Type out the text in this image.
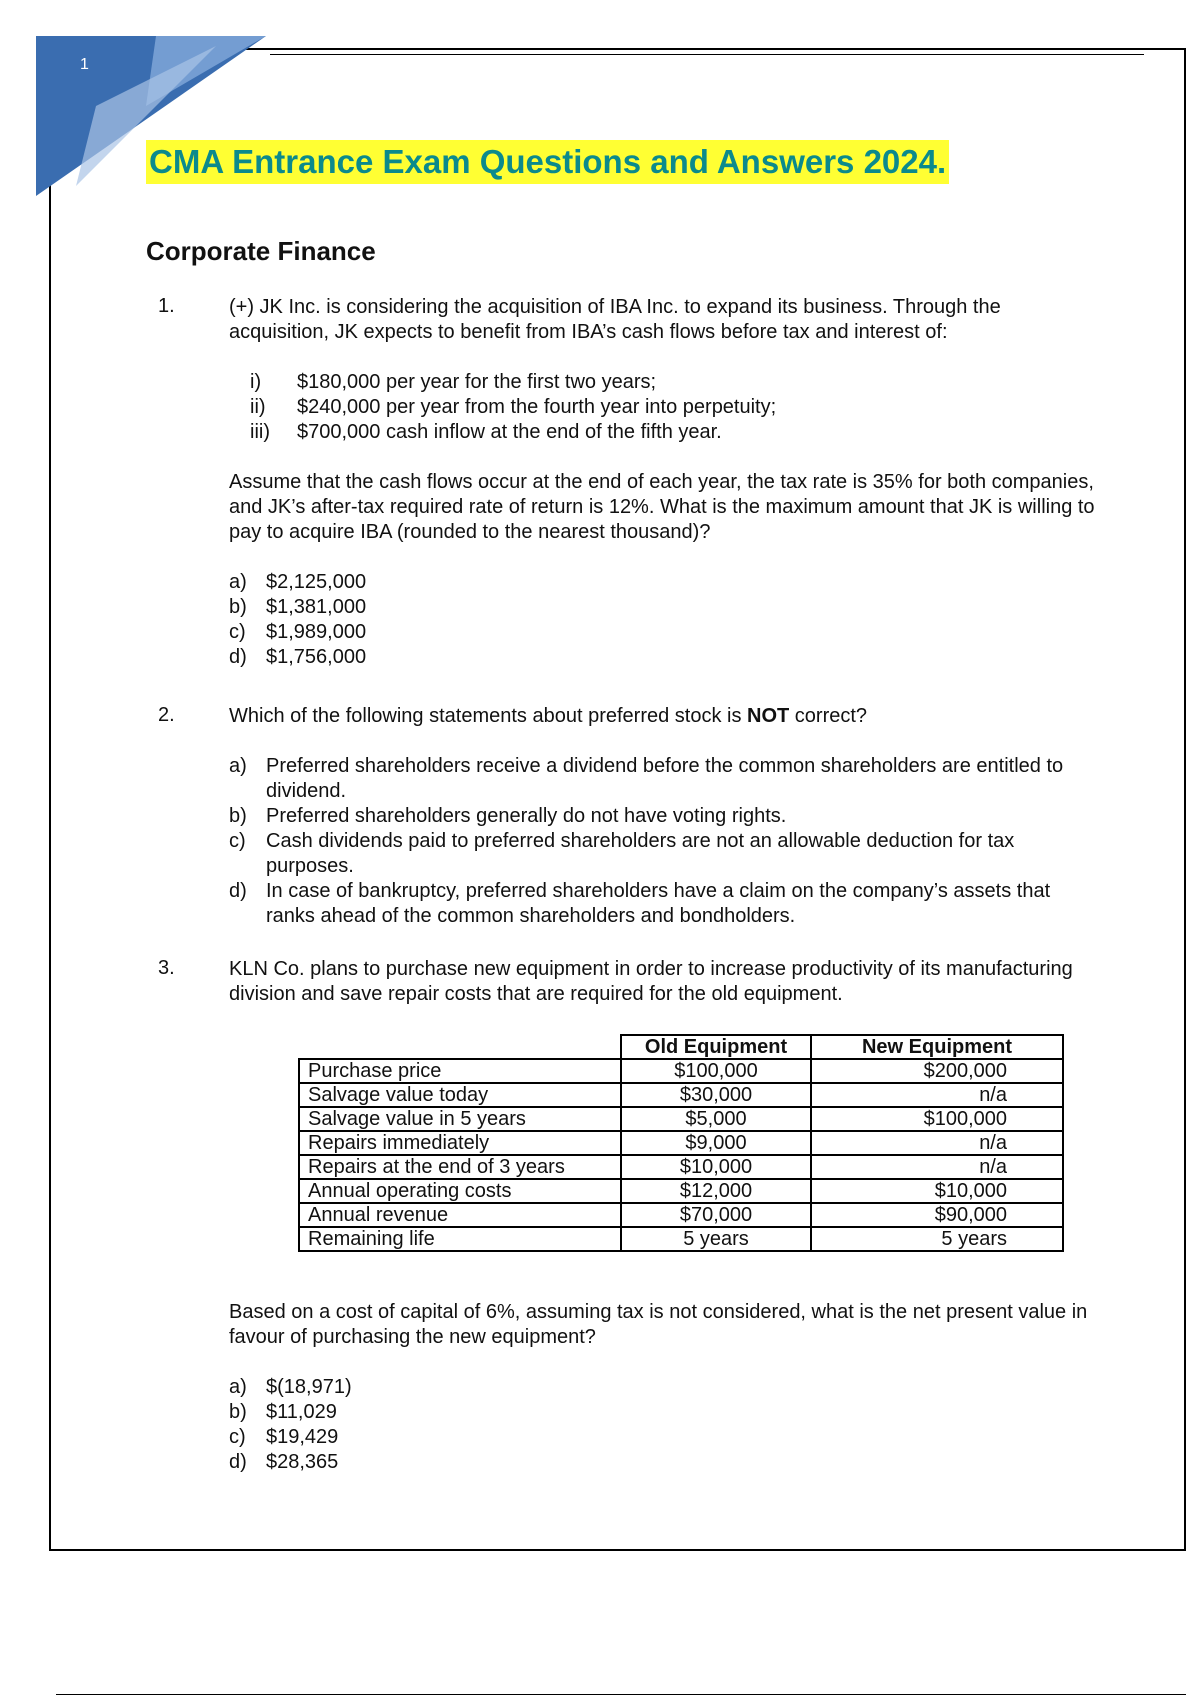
1
CMA Entrance Exam Questions and Answers 2024.
Corporate Finance
1.	(+) JK Inc. is considering the acquisition of IBA Inc. to expand its business. Through the acquisition, JK expects to benefit from IBA’s cash flows before tax and interest of:

i) $180,000 per year for the first two years;
ii) $240,000 per year from the fourth year into perpetuity;
iii) $700,000 cash inflow at the end of the fifth year.

Assume that the cash flows occur at the end of each year, the tax rate is 35% for both companies, and JK’s after-tax required rate of return is 12%. What is the maximum amount that JK is willing to pay to acquire IBA (rounded to the nearest thousand)?

a) $2,125,000
b) $1,381,000
c) $1,989,000
d) $1,756,000
2.	Which of the following statements about preferred stock is NOT correct?

a) Preferred shareholders receive a dividend before the common shareholders are entitled to dividend.
b) Preferred shareholders generally do not have voting rights.
c) Cash dividends paid to preferred shareholders are not an allowable deduction for tax purposes.
d) In case of bankruptcy, preferred shareholders have a claim on the company’s assets that ranks ahead of the common shareholders and bondholders.
3.	KLN Co. plans to purchase new equipment in order to increase productivity of its manufacturing division and save repair costs that are required for the old equipment.

	Old Equipment	New Equipment
Purchase price	$100,000	$200,000
Salvage value today	$30,000	n/a
Salvage value in 5 years	$5,000	$100,000
Repairs immediately	$9,000	n/a
Repairs at the end of 3 years	$10,000	n/a
Annual operating costs	$12,000	$10,000
Annual revenue	$70,000	$90,000
Remaining life	5 years	5 years

Based on a cost of capital of 6%, assuming tax is not considered, what is the net present value in favour of purchasing the new equipment?

a) $(18,971)
b) $11,029
c) $19,429
d) $28,365
